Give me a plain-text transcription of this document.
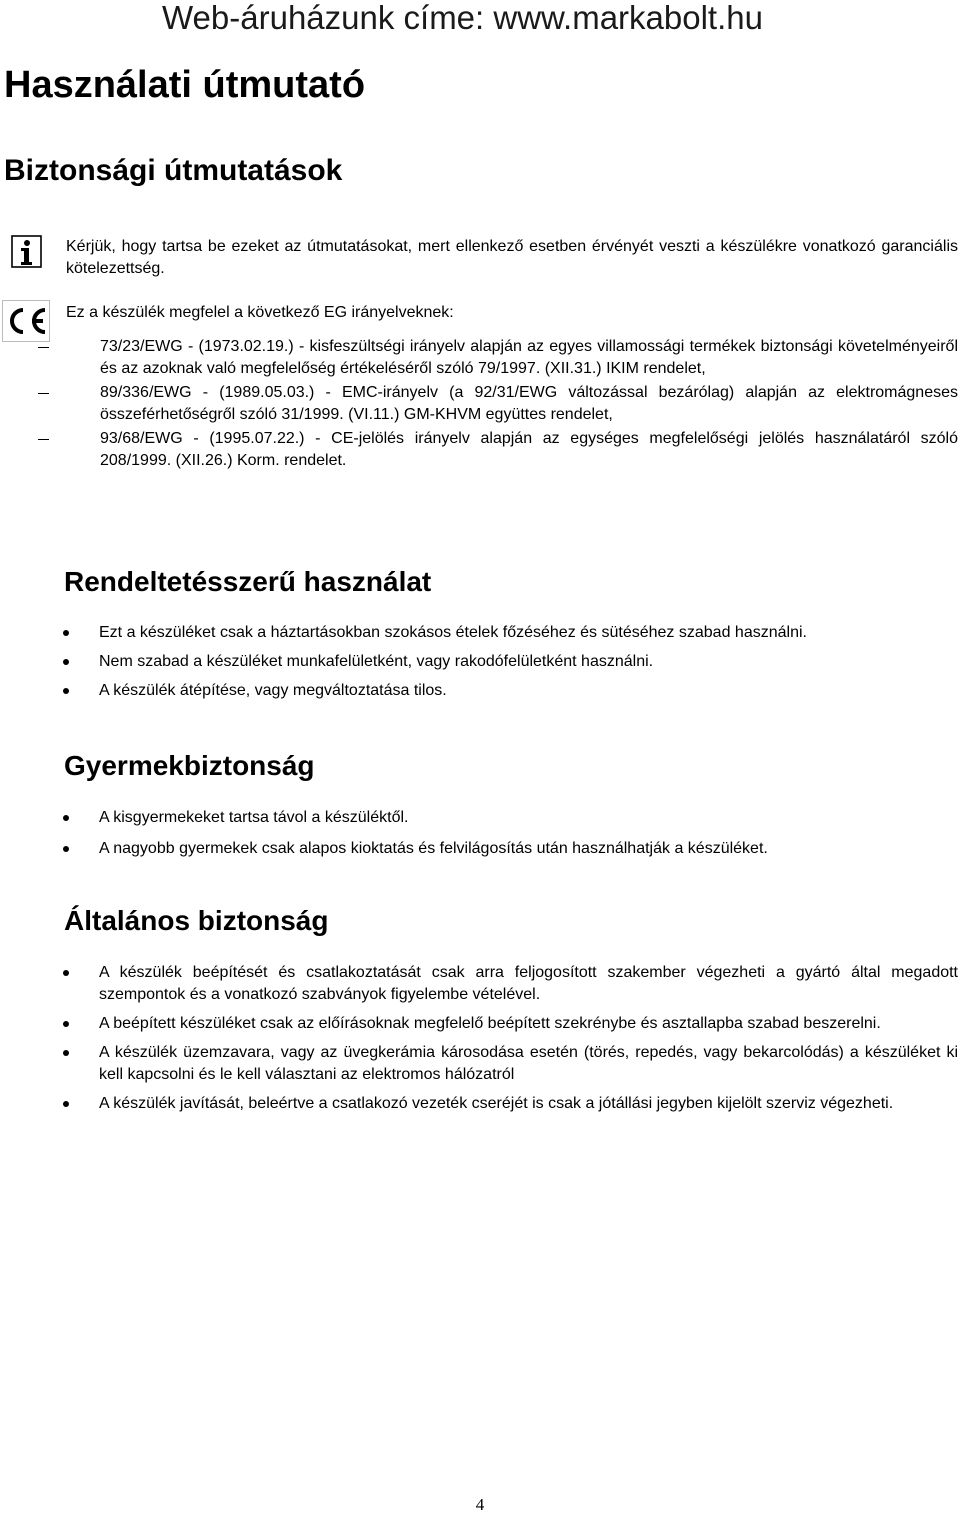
Web-áruházunk címe: www.markabolt.hu
Használati útmutató
Biztonsági útmutatások

Kérjük, hogy tartsa be ezeket az útmutatásokat, mert ellenkező esetben érvényét veszti a készülékre vonatkozó garanciális kötelezettség.

Ez a készülék megfelel a következő EG irányelveknek:

73/23/EWG - (1973.02.19.) - kisfeszültségi irányelv alapján az egyes villamossági termékek biztonsági követelményeiről és az azoknak való megfelelőség értékeléséről szóló 79/1997. (XII.31.) IKIM rendelet,

89/336/EWG - (1989.05.03.) - EMC-irányelv (a 92/31/EWG változással bezárólag) alapján az elektromágneses összeférhetőségről szóló 31/1999. (VI.11.) GM-KHVM együttes rendelet,

93/68/EWG - (1995.07.22.) - CE-jelölés irányelv alapján az egységes megfelelőségi jelölés használatáról szóló 208/1999. (XII.26.) Korm. rendelet.

Rendeltetésszerű használat

Ezt a készüléket csak a háztartásokban szokásos ételek főzéséhez és sütéséhez szabad használni.

Nem szabad a készüléket munkafelületként, vagy rakodófelületként használni.

A készülék átépítése, vagy megváltoztatása tilos.

Gyermekbiztonság

A kisgyermekeket tartsa távol a készüléktől.

A nagyobb gyermekek csak alapos kioktatás és felvilágosítás után használhatják a készüléket.

Általános biztonság

A készülék beépítését és csatlakoztatását csak arra feljogosított szakember végezheti a gyártó által megadott szempontok és a vonatkozó szabványok figyelembe vételével.

A beépített készüléket csak az előírásoknak megfelelő beépített szekrénybe és asztallapba szabad beszerelni.

A készülék üzemzavara, vagy az üvegkerámia károsodása esetén (törés, repedés, vagy bekarcolódás) a készüléket ki kell kapcsolni és le kell választani az elektromos hálózatról

A készülék javítását, beleértve a csatlakozó vezeték cseréjét is csak a jótállási jegyben kijelölt szerviz végezheti.

4
